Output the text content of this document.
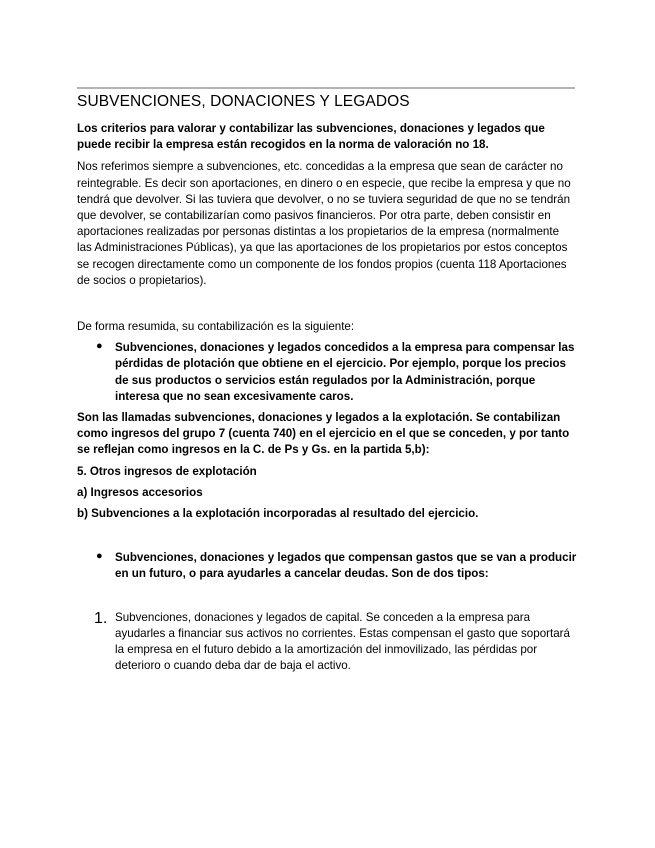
SUBVENCIONES, DONACIONES Y LEGADOS

Los criterios para valorar y contabilizar las subvenciones, donaciones y legados que puede recibir la empresa están recogidos en la norma de valoración no 18.

Nos referimos siempre a subvenciones, etc. concedidas a la empresa que sean de carácter no reintegrable. Es decir son aportaciones, en dinero o en especie, que recibe la empresa y que no tendrá que devolver. Si las tuviera que devolver, o no se tuviera seguridad de que no se tendrán que devolver, se contabilizarían como pasivos financieros. Por otra parte, deben consistir en aportaciones realizadas por personas distintas a los propietarios de la empresa (normalmente las Administraciones Públicas), ya que las aportaciones de los propietarios por estos conceptos se recogen directamente como un componente de los fondos propios (cuenta 118 Aportaciones de socios o propietarios).

De forma resumida, su contabilización es la siguiente:

● Subvenciones, donaciones y legados concedidos a la empresa para compensar las pérdidas de plotación que obtiene en el ejercicio. Por ejemplo, porque los precios de sus productos o servicios están regulados por la Administración, porque interesa que no sean excesivamente caros.

Son las llamadas subvenciones, donaciones y legados a la explotación. Se contabilizan como ingresos del grupo 7 (cuenta 740) en el ejercicio en el que se conceden, y por tanto se reflejan como ingresos en la C. de Ps y Gs. en la partida 5,b):

5. Otros ingresos de explotación

a) Ingresos accesorios

b) Subvenciones a la explotación incorporadas al resultado del ejercicio.

● Subvenciones, donaciones y legados que compensan gastos que se van a producir en un futuro, o para ayudarles a cancelar deudas. Son de dos tipos:

1. Subvenciones, donaciones y legados de capital. Se conceden a la empresa para ayudarles a financiar sus activos no corrientes. Estas compensan el gasto que soportará la empresa en el futuro debido a la amortización del inmovilizado, las pérdidas por deterioro o cuando deba dar de baja el activo.
